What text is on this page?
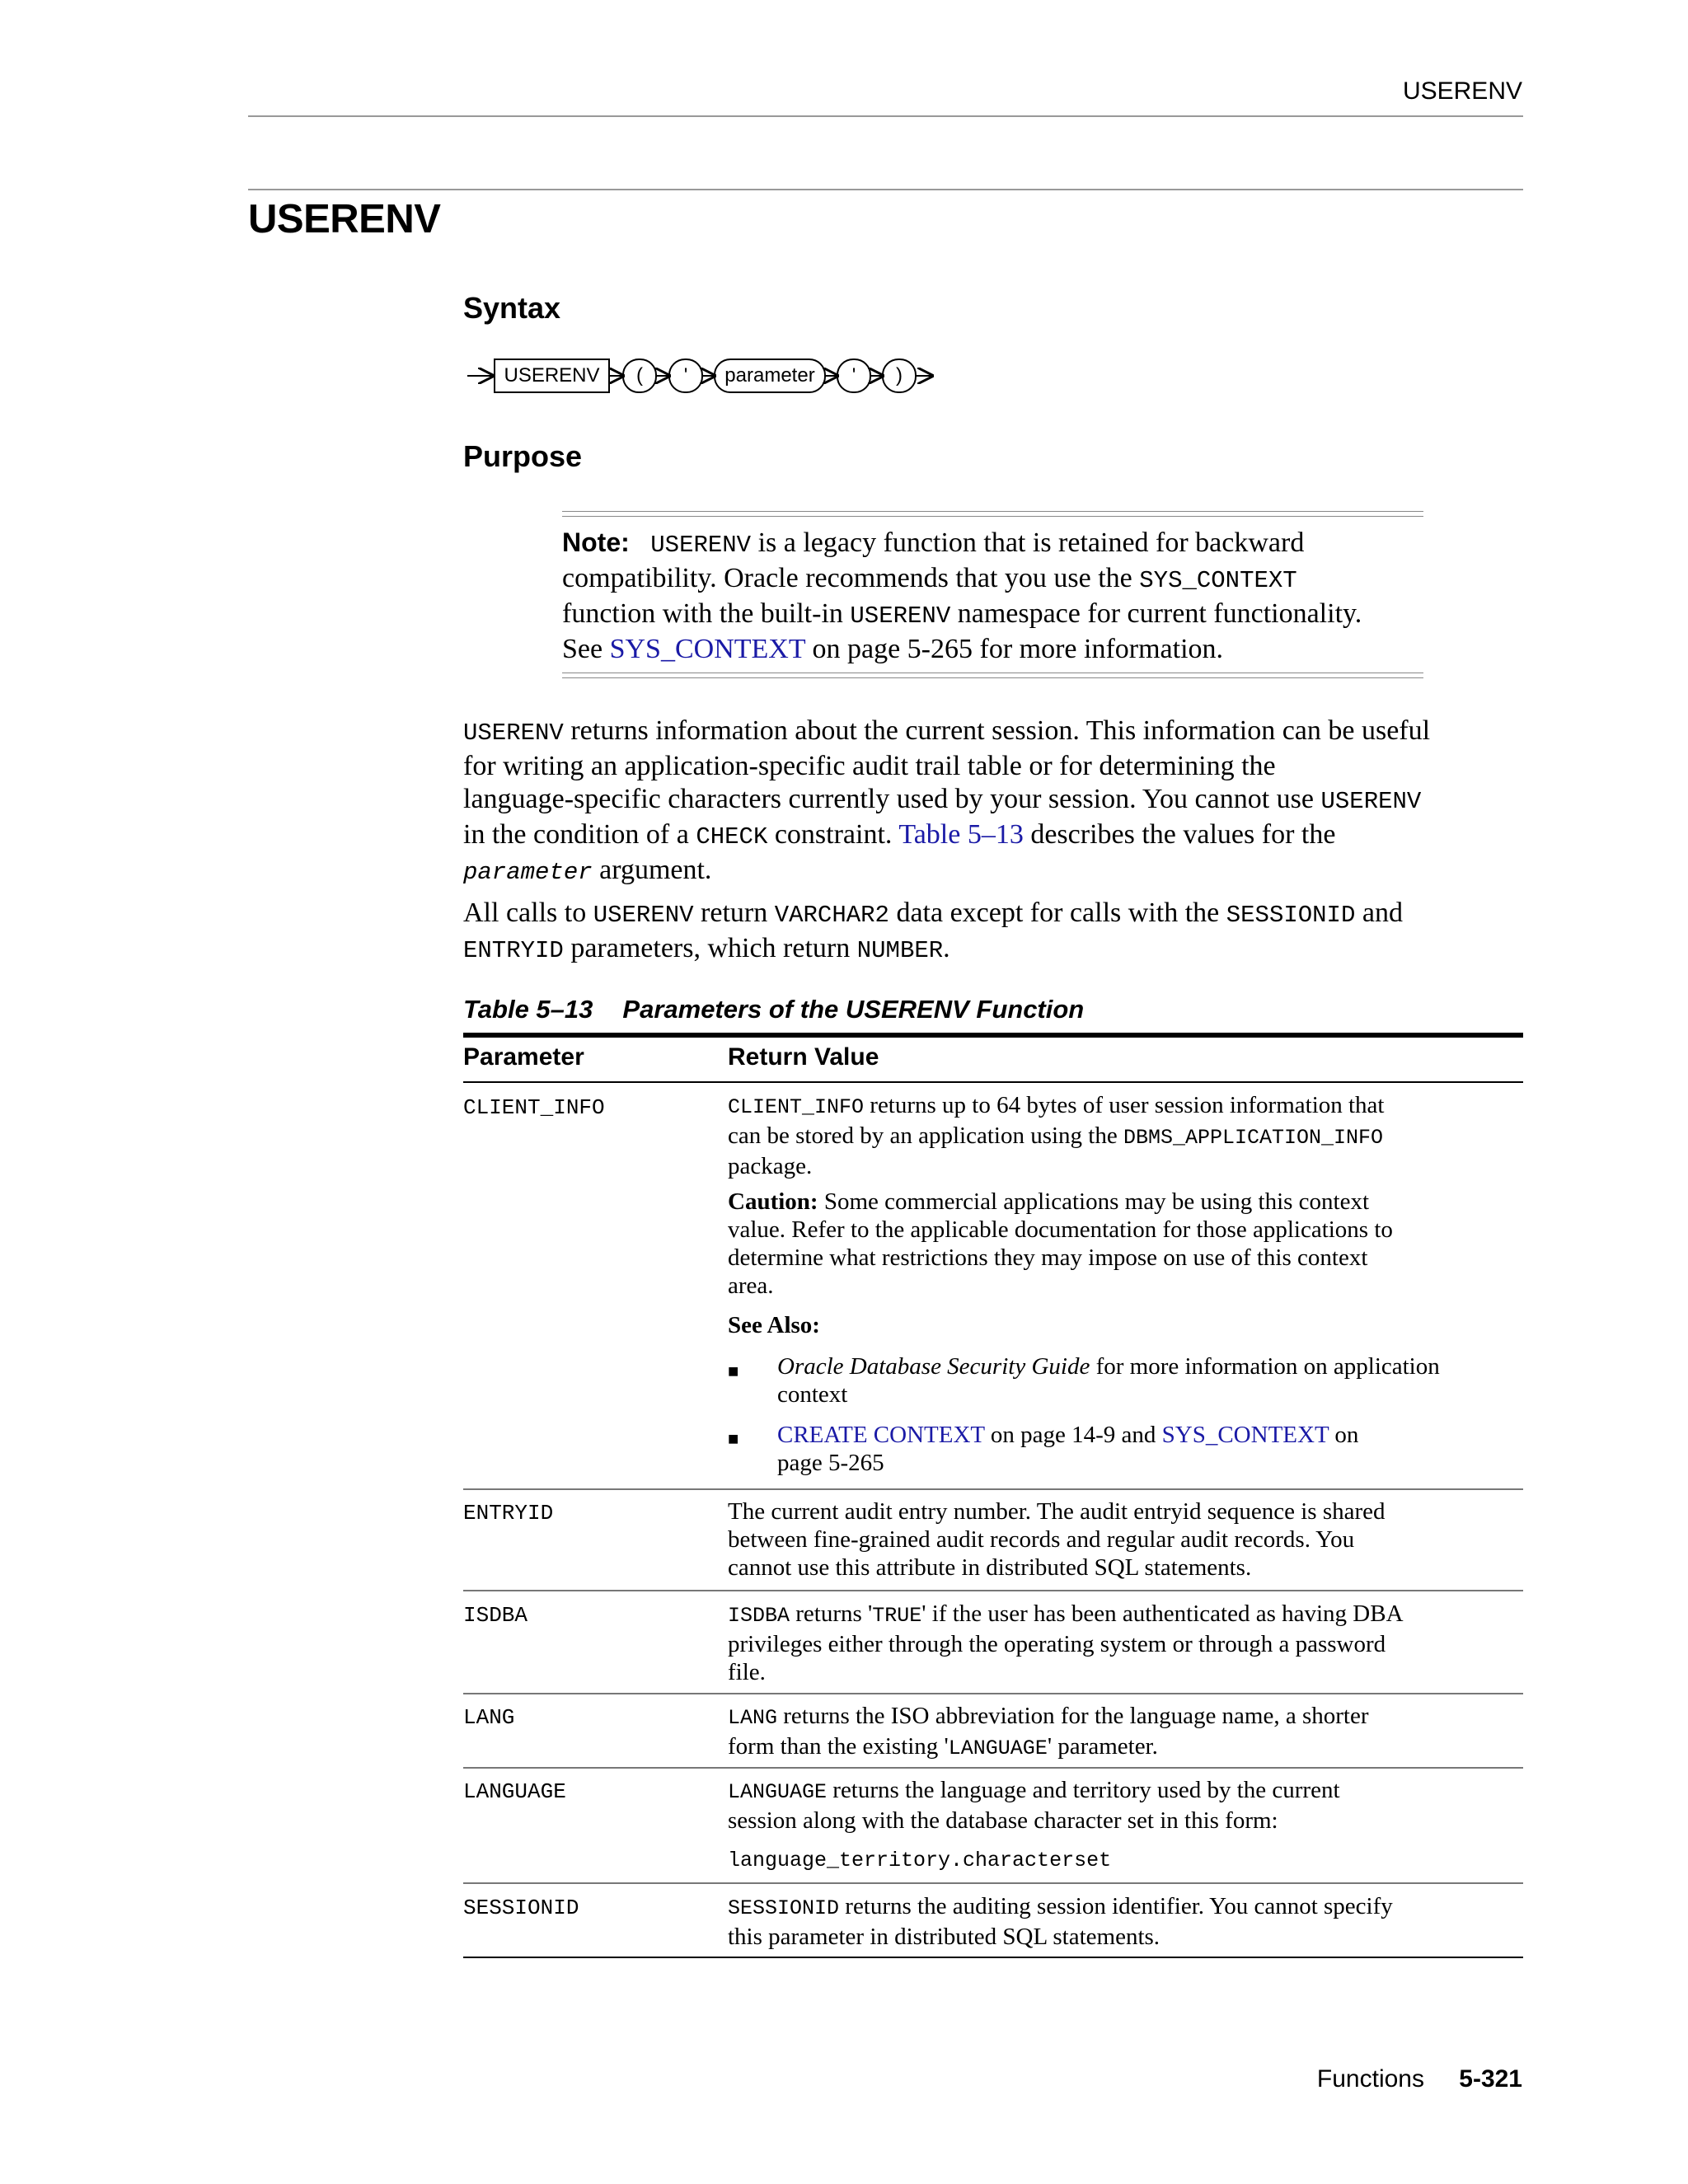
USERENV
USERENV
Syntax
USERENV	(	'	parameter	'	)
Purpose
Note: USERENV is a legacy function that is retained for backward
compatibility. Oracle recommends that you use the SYS_CONTEXT
function with the built-in USERENV namespace for current functionality.
See SYS_CONTEXT on page 5-265 for more information.
USERENV returns information about the current session. This information can be useful
for writing an application-specific audit trail table or for determining the
language-specific characters currently used by your session. You cannot use USERENV
in the condition of a CHECK constraint. Table 5–13 describes the values for the
parameter argument.
All calls to USERENV return VARCHAR2 data except for calls with the SESSIONID and
ENTRYID parameters, which return NUMBER.
Table 5–13 Parameters of the USERENV Function
Parameter	Return Value
CLIENT_INFO	CLIENT_INFO returns up to 64 bytes of user session information that
can be stored by an application using the DBMS_APPLICATION_INFO
package.
Caution: Some commercial applications may be using this context
value. Refer to the applicable documentation for those applications to
determine what restrictions they may impose on use of this context
area.
See Also:
■ Oracle Database Security Guide for more information on application
context
■ CREATE CONTEXT on page 14-9 and SYS_CONTEXT on
page 5-265
ENTRYID	The current audit entry number. The audit entryid sequence is shared
between fine-grained audit records and regular audit records. You
cannot use this attribute in distributed SQL statements.
ISDBA	ISDBA returns 'TRUE' if the user has been authenticated as having DBA
privileges either through the operating system or through a password
file.
LANG	LANG returns the ISO abbreviation for the language name, a shorter
form than the existing 'LANGUAGE' parameter.
LANGUAGE	LANGUAGE returns the language and territory used by the current
session along with the database character set in this form:
language_territory.characterset
SESSIONID	SESSIONID returns the auditing session identifier. You cannot specify
this parameter in distributed SQL statements.
Functions 5-321
